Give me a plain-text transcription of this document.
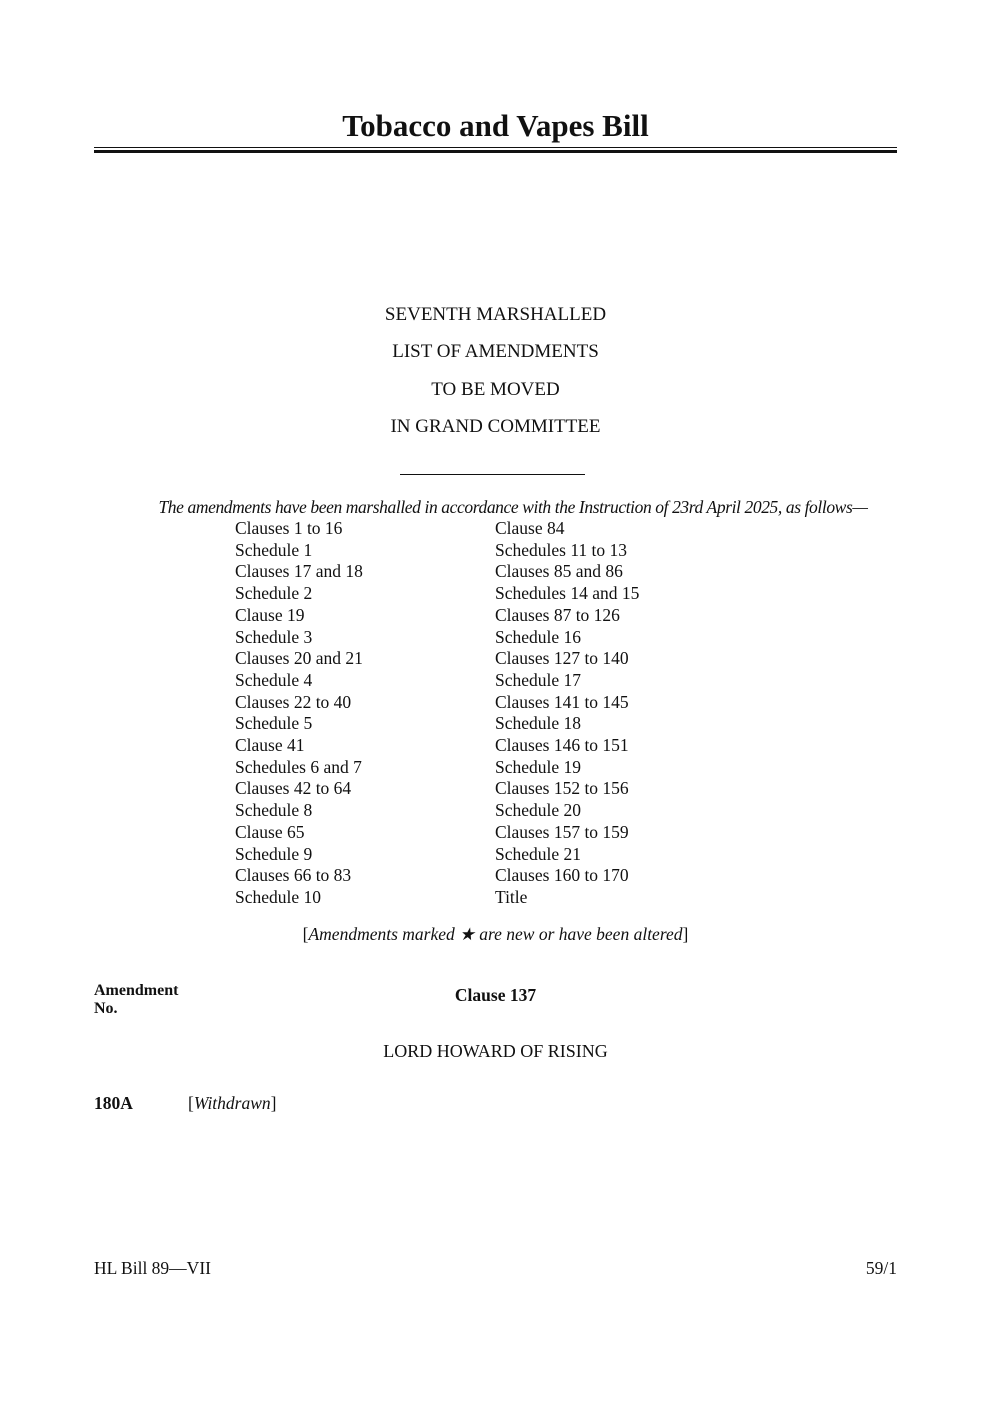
Tobacco and Vapes Bill
SEVENTH MARSHALLED
LIST OF AMENDMENTS
TO BE MOVED
IN GRAND COMMITTEE
The amendments have been marshalled in accordance with the Instruction of 23rd April 2025, as follows—
Clauses 1 to 16
Schedule 1
Clauses 17 and 18
Schedule 2
Clause 19
Schedule 3
Clauses 20 and 21
Schedule 4
Clauses 22 to 40
Schedule 5
Clause 41
Schedules 6 and 7
Clauses 42 to 64
Schedule 8
Clause 65
Schedule 9
Clauses 66 to 83
Schedule 10
Clause 84
Schedules 11 to 13
Clauses 85 and 86
Schedules 14 and 15
Clauses 87 to 126
Schedule 16
Clauses 127 to 140
Schedule 17
Clauses 141 to 145
Schedule 18
Clauses 146 to 151
Schedule 19
Clauses 152 to 156
Schedule 20
Clauses 157 to 159
Schedule 21
Clauses 160 to 170
Title
[Amendments marked ★ are new or have been altered]
Amendment
No.
Clause 137
LORD HOWARD OF RISING
180A	[Withdrawn]
HL Bill 89—VII	59/1
